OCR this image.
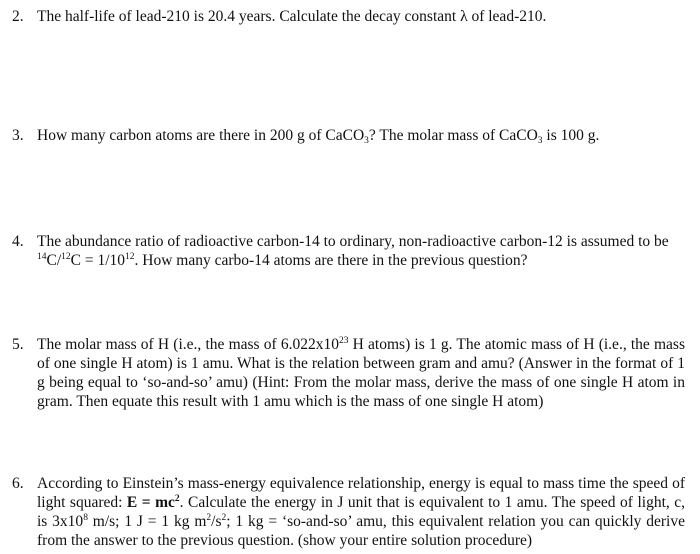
2. The half-life of lead-210 is 20.4 years. Calculate the decay constant λ of lead-210.
3. How many carbon atoms are there in 200 g of CaCO$_3$? The molar mass of CaCO$_3$ is 100 g.
4. The abundance ratio of radioactive carbon-14 to ordinary, non-radioactive carbon-12 is assumed to be
$^{14}C/^{12}C = 1/10^{12}$. How many carbo-14 atoms are there in the previous question?
5. The molar mass of H (i.e., the mass of $6.022x10^{23}$ H atoms) is 1 g. The atomic mass of H (i.e., the mass of one single H atom) is 1 amu. What is the relation between gram and amu? (Answer in the format of 1 g being equal to ‘so-and-so’ amu) (Hint: From the molar mass, derive the mass of one single H atom in gram. Then equate this result with 1 amu which is the mass of one single H atom)
6. According to Einstein’s mass-energy equivalence relationship, energy is equal to mass time the speed of light squared: $E = mc^2$. Calculate the energy in J unit that is equivalent to 1 amu. The speed of light, c, is $3x10^8$ m/s; 1 J = 1 kg $m^2/s^2$; 1 kg = ‘so-and-so’ amu, this equivalent relation you can quickly derive from the answer to the previous question. (show your entire solution procedure)
